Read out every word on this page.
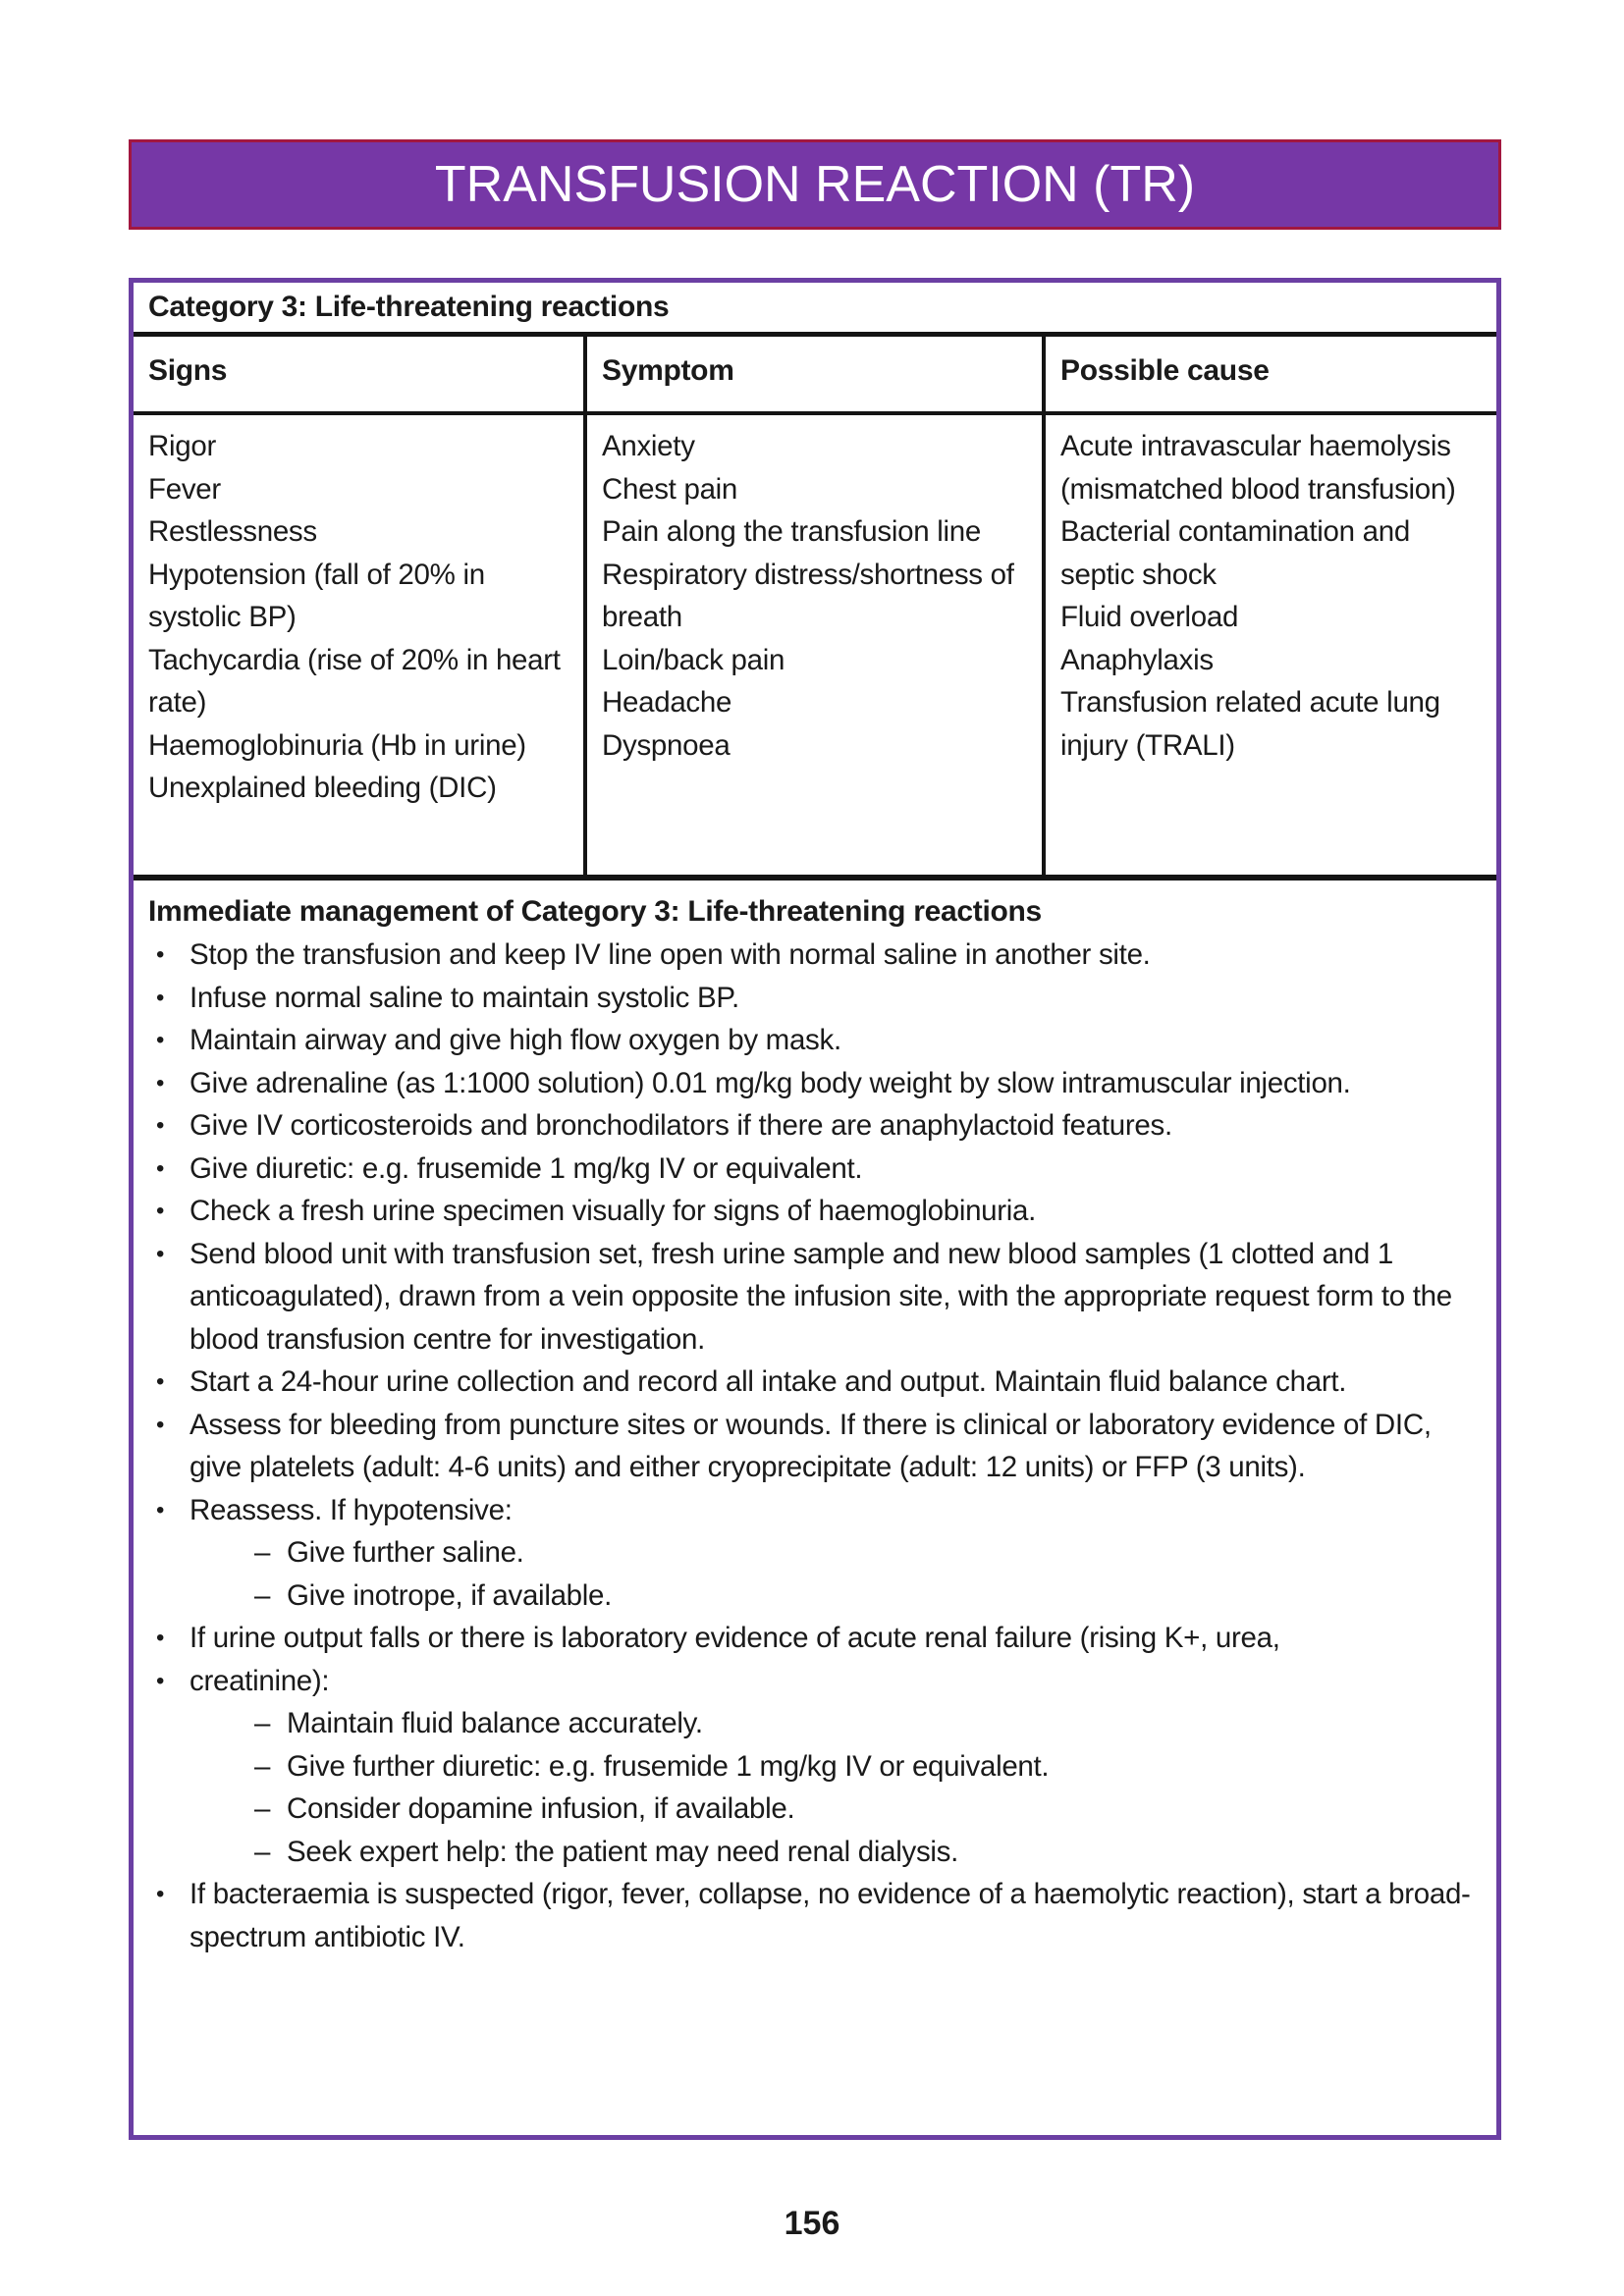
TRANSFUSION REACTION (TR)
Category 3: Life-threatening reactions
Signs	Symptom	Possible cause
Rigor
Fever
Restlessness
Hypotension (fall of 20% in systolic BP)
Tachycardia (rise of 20% in heart rate)
Haemoglobinuria (Hb in urine)
Unexplained bleeding (DIC)
Anxiety
Chest pain
Pain along the transfusion line
Respiratory distress/shortness of breath
Loin/back pain
Headache
Dyspnoea
Acute intravascular haemolysis
(mismatched blood transfusion)
Bacterial contamination and septic shock
Fluid overload
Anaphylaxis
Transfusion related acute lung injury (TRALI)
Immediate management of Category 3: Life-threatening reactions
• Stop the transfusion and keep IV line open with normal saline in another site.
• Infuse normal saline to maintain systolic BP.
• Maintain airway and give high flow oxygen by mask.
• Give adrenaline (as 1:1000 solution) 0.01 mg/kg body weight by slow intramuscular injection.
• Give IV corticosteroids and bronchodilators if there are anaphylactoid features.
• Give diuretic: e.g. frusemide 1 mg/kg IV or equivalent.
• Check a fresh urine specimen visually for signs of haemoglobinuria.
• Send blood unit with transfusion set, fresh urine sample and new blood samples (1 clotted and 1 anticoagulated), drawn from a vein opposite the infusion site, with the appropriate request form to the blood transfusion centre for investigation.
• Start a 24-hour urine collection and record all intake and output. Maintain fluid balance chart.
• Assess for bleeding from puncture sites or wounds. If there is clinical or laboratory evidence of DIC, give platelets (adult: 4-6 units) and either cryoprecipitate (adult: 12 units) or FFP (3 units).
• Reassess. If hypotensive:
– Give further saline.
– Give inotrope, if available.
• If urine output falls or there is laboratory evidence of acute renal failure (rising K+, urea,
• creatinine):
– Maintain fluid balance accurately.
– Give further diuretic: e.g. frusemide 1 mg/kg IV or equivalent.
– Consider dopamine infusion, if available.
– Seek expert help: the patient may need renal dialysis.
• If bacteraemia is suspected (rigor, fever, collapse, no evidence of a haemolytic reaction), start a broad-spectrum antibiotic IV.
156
